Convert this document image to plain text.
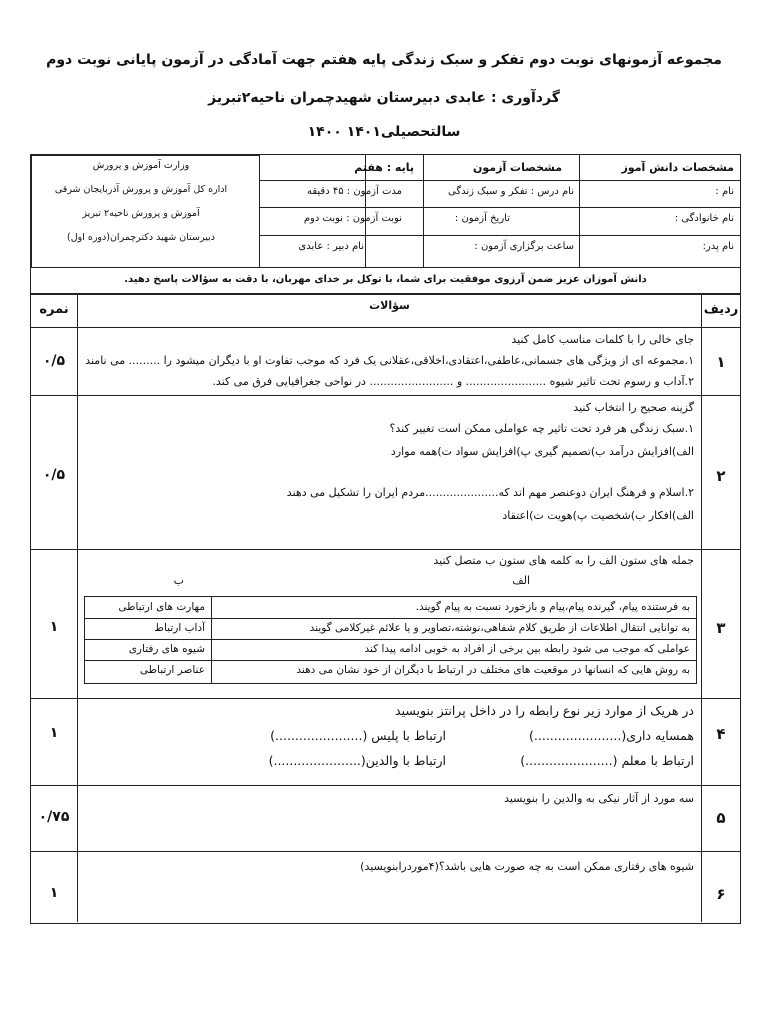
مجموعه آزمونهای نوبت دوم تفکر و سبک زندگی پایه هفتم جهت آمادگی در آزمون پایانی نوبت دوم
گردآوری : عابدی دبیرستان شهیدچمران ناحیه۲تبریز
سالتحصیلی۱۴۰۱ ۱۴۰۰
مشخصات دانش آموز
نام :
نام خانوادگی :
نام پدر:
مشخصات آزمون
نام درس : تفکر و سبک زندگی
تاریخ آزمون :
ساعت برگزاری آزمون :
پایه : هفتم
مدت آزمون : ۴۵ دقیقه
نوبت آزمون : نوبت دوم
نام دبیر : عابدی
وزارت آموزش و پرورش
اداره کل آموزش و پرورش آذربایجان شرقی
آموزش و پرورش ناحیه۲ تبریز
دبیرستان شهید دکترچمران(دوره اول)
دانش آموزان عزیز ضمن آرزوی موفقیت برای شما، با توکل بر خدای مهربان، با دقت به سؤالات پاسخ دهید.
ردیف
سؤالات
نمره
۱
۰/۵
جای خالی را با کلمات مناسب کامل کنید
۱.مجموعه ای از ویژگی های جسمانی،عاطفی،اعتقادی،اخلاقی،عقلانی یک فرد که موجب تفاوت او با دیگران میشود را ......... می نامند
۲.آداب و رسوم تحت تاثیر شیوه ....................... و ........................ در نواحی جغرافیایی فرق می کند.
۲
۰/۵
گزینه صحیح را انتخاب کنید
۱.سبک زندگی هر فرد تحت تاثیر چه عواملی ممکن است تغییر کند؟
الف)افزایش درآمد ب)تصمیم گیری پ)افزایش سواد ت)همه موارد
۲.اسلام و فرهنگ ایران دوعنصر مهم اند که.....................مردم ایران را تشکیل می دهند
الف)افکار ب)شخصیت پ)هویت ت)اعتقاد
۳
۱
جمله های ستون الف را به کلمه های ستون ب متصل کنید
الف
ب
۴
۱
در هریک از موارد زیر نوع رابطه را در داخل پرانتز بنویسید
همسایه داری(......................)
ارتباط با پلیس (......................)
ارتباط با معلم (......................)
ارتباط با والدین(......................)
۵
۰/۷۵
سه مورد از آثار نیکی به والدین را بنویسید
۶
۱
شیوه های رفتاری ممکن است به چه صورت هایی باشد؟(۴موردرابنویسید)
به فرستنده پیام، گیرنده پیام،پیام و بازخورد نسبت به پیام گویند.
مهارت های ارتباطی
به توانایی انتقال اطلاعات از طریق کلام شفاهی،نوشته،تصاویر و یا علائم غیرکلامی گویند
آداب ارتباط
عواملی که موجب می شود رابطه بین برخی از افراد به خوبی ادامه پیدا کند
شیوه های رفتاری
به روش هایی که انسانها در موقعیت های مختلف در ارتباط با دیگران از خود نشان می دهند
عناصر ارتباطی
